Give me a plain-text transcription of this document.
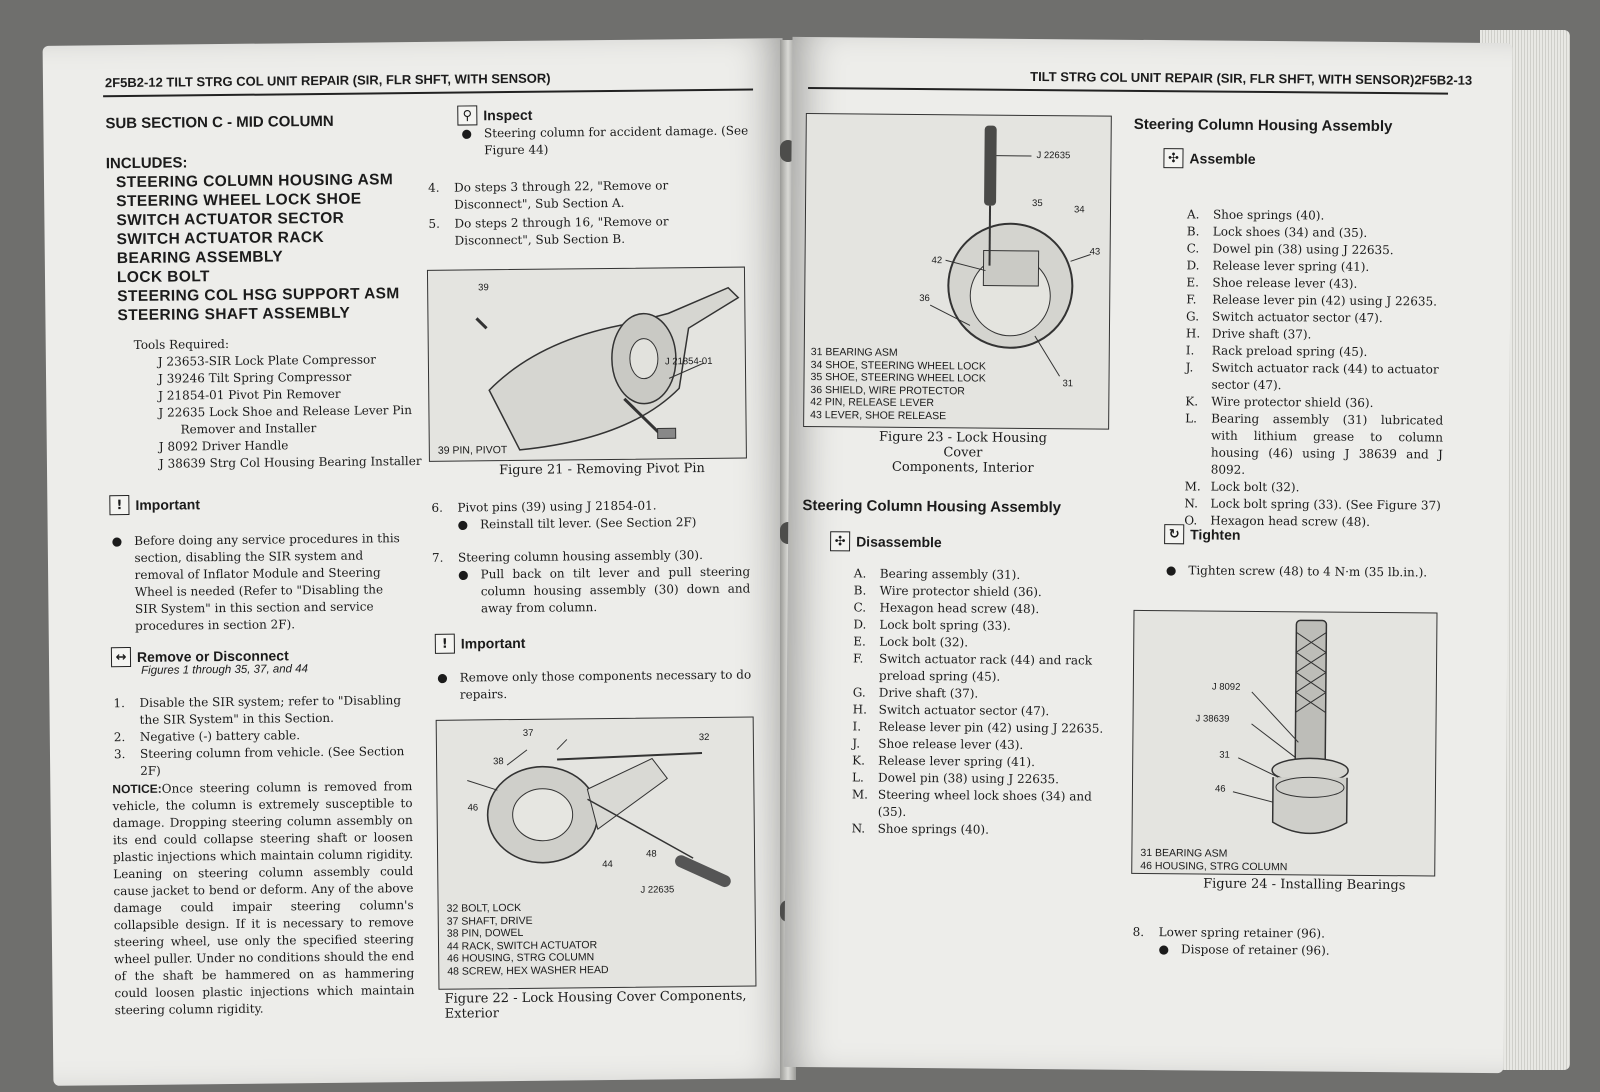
2F5B2-12 TILT STRG COL UNIT REPAIR (SIR, FLR SHFT, WITH SENSOR)
SUB SECTION C - MID COLUMN
INCLUDES:
STEERING COLUMN HOUSING ASM
STEERING WHEEL LOCK SHOE
SWITCH ACTUATOR SECTOR
SWITCH ACTUATOR RACK
BEARING ASSEMBLY
LOCK BOLT
STEERING COL HSG SUPPORT ASM
STEERING SHAFT ASSEMBLY
Tools Required:
J 23653-SIR Lock Plate Compressor
J 39246 Tilt Spring Compressor
J 21854-01 Pivot Pin Remover
J 22635 Lock Shoe and Release Lever Pin
Remover and Installer
J 8092 Driver Handle
J 38639 Strg Col Housing Bearing Installer
! Important
● Before doing any service procedures in this section, disabling the SIR system and removal of Inflator Module and Steering Wheel is needed (Refer to "Disabling the SIR System" in this section and service procedures in section 2F).
↔ Remove or Disconnect
Figures 1 through 35, 37, and 44
1.	Disable the SIR system; refer to "Disabling the SIR System" in this Section.
2.	Negative (-) battery cable.
3.	Steering column from vehicle. (See Section 2F)
NOTICE:Once steering column is removed from vehicle, the column is extremely susceptible to damage. Dropping steering column assembly on its end could collapse steering shaft or loosen plastic injections which maintain column rigidity. Leaning on steering column assembly could cause jacket to bend or deform. Any of the above damage could impair steering column's collapsible design. If it is necessary to remove steering wheel, use only the specified steering wheel puller. Under no conditions should the end of the shaft be hammered on as hammering could loosen plastic injections which maintain steering column rigidity.
⚲ Inspect
● Steering column for accident damage. (See Figure 44)
4.	Do steps 3 through 22, "Remove or Disconnect", Sub Section A.
5.	Do steps 2 through 16, "Remove or Disconnect", Sub Section B.
39
J 21854-01
39 PIN, PIVOT
Figure 21 - Removing Pivot Pin
6.	Pivot pins (39) using J 21854-01.
● Reinstall tilt lever. (See Section 2F)
7.	Steering column housing assembly (30).
● Pull back on tilt lever and pull steering column housing assembly (30) down and away from column.
! Important
● Remove only those components necessary to do repairs.
37	32
38
46
48
44
J 22635
32 BOLT, LOCK
37 SHAFT, DRIVE
38 PIN, DOWEL
44 RACK, SWITCH ACTUATOR
46 HOUSING, STRG COLUMN
48 SCREW, HEX WASHER HEAD
Figure 22 - Lock Housing Cover Components, Exterior
TILT STRG COL UNIT REPAIR (SIR, FLR SHFT, WITH SENSOR)2F5B2-13
J 22635
35
34
42
43
36
31
31 BEARING ASM
34 SHOE, STEERING WHEEL LOCK
35 SHOE, STEERING WHEEL LOCK
36 SHIELD, WIRE PROTECTOR
42 PIN, RELEASE LEVER
43 LEVER, SHOE RELEASE
Figure 23 - Lock Housing Cover
Components, Interior
Steering Column Housing Assembly
✣ Disassemble
A.	Bearing assembly (31).
B.	Wire protector shield (36).
C.	Hexagon head screw (48).
D.	Lock bolt spring (33).
E.	Lock bolt (32).
F.	Switch actuator rack (44) and rack preload spring (45).
G.	Drive shaft (37).
H. Switch actuator sector (47).
I.	Release lever pin (42) using J 22635.
J.	Shoe release lever (43).
K.	Release lever spring (41).
L.	Dowel pin (38) using J 22635.
M. Steering wheel lock shoes (34) and (35).
N.	Shoe springs (40).
Steering Column Housing Assembly
✣ Assemble
A.	Shoe springs (40).
B.	Lock shoes (34) and (35).
C.	Dowel pin (38) using J 22635.
D.	Release lever spring (41).
E.	Shoe release lever (43).
F.	Release lever pin (42) using J 22635.
G.	Switch actuator sector (47).
H. Drive shaft (37).
I.	Rack preload spring (45).
J.	Switch actuator rack (44) to actuator sector (47).
K.	Wire protector shield (36).
L.	Bearing assembly (31) lubricated with lithium grease to column housing (46) using J 38639 and J 8092.
M. Lock bolt (32).
N.	Lock bolt spring (33). (See Figure 37)
O.	Hexagon head screw (48).
↻ Tighten
● Tighten screw (48) to 4 N·m (35 lb.in.).
J 8092
J 38639
31
46
31 BEARING ASM
46 HOUSING, STRG COLUMN
Figure 24 - Installing Bearings
8.	Lower spring retainer (96).
● Dispose of retainer (96).
